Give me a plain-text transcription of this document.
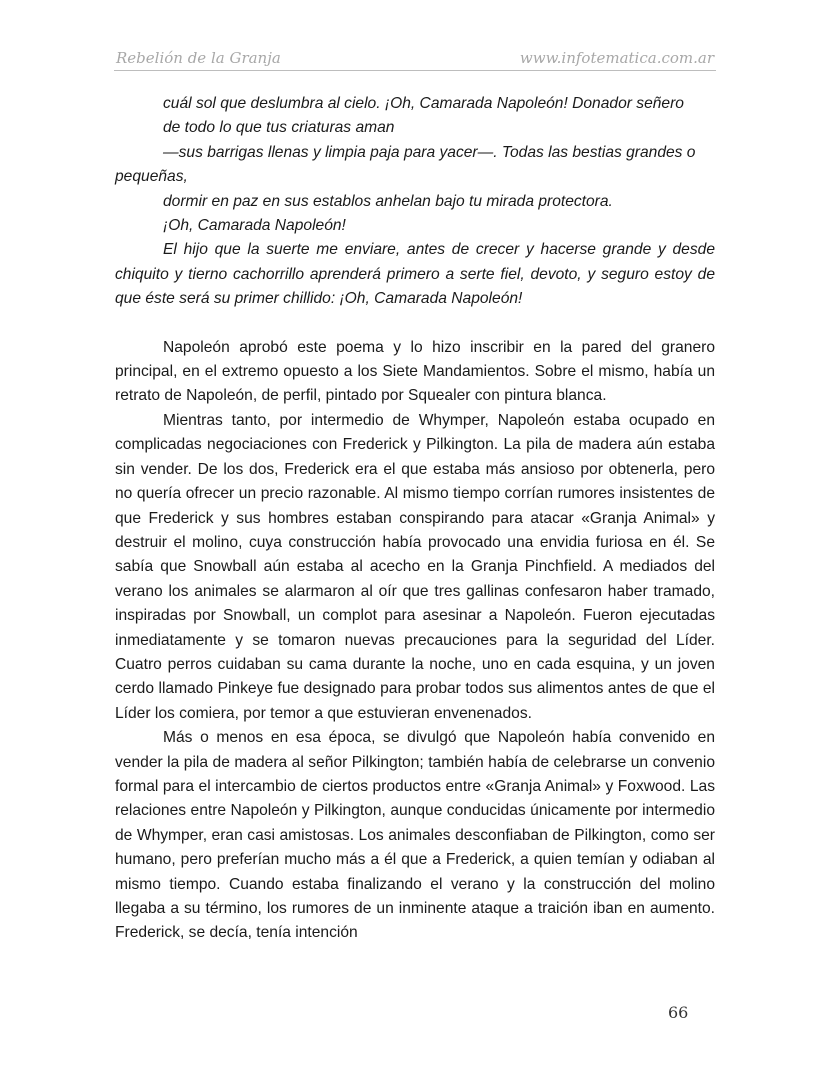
Rebelión de la Granja	www.infotematica.com.ar

cuál sol que deslumbra al cielo. ¡Oh, Camarada Napoleón! Donador señero

de todo lo que tus criaturas aman

—sus barrigas llenas y limpia paja para yacer—. Todas las bestias grandes o pequeñas,

dormir en paz en sus establos anhelan bajo tu mirada protectora.

¡Oh, Camarada Napoleón!

El hijo que la suerte me enviare, antes de crecer y hacerse grande y desde chiquito y tierno cachorrillo aprenderá primero a serte fiel, devoto, y seguro estoy de que éste será su primer chillido: ¡Oh, Camarada Napoleón!

Napoleón aprobó este poema y lo hizo inscribir en la pared del granero principal, en el extremo opuesto a los Siete Mandamientos. Sobre el mismo, había un retrato de Napoleón, de perfil, pintado por Squealer con pintura blanca.

Mientras tanto, por intermedio de Whymper, Napoleón estaba ocupado en complicadas negociaciones con Frederick y Pilkington. La pila de madera aún estaba sin vender. De los dos, Frederick era el que estaba más ansioso por obtenerla, pero no quería ofrecer un precio razonable. Al mismo tiempo corrían rumores insistentes de que Frederick y sus hombres estaban conspirando para atacar «Granja Animal» y destruir el molino, cuya construcción había provocado una envidia furiosa en él. Se sabía que Snowball aún estaba al acecho en la Granja Pinchfield. A mediados del verano los animales se alarmaron al oír que tres gallinas confesaron haber tramado, inspiradas por Snowball, un complot para asesinar a Napoleón. Fueron ejecutadas inmediatamente y se tomaron nuevas precauciones para la seguridad del Líder. Cuatro perros cuidaban su cama durante la noche, uno en cada esquina, y un joven cerdo llamado Pinkeye fue designado para probar todos sus alimentos antes de que el Líder los comiera, por temor a que estuvieran envenenados.

Más o menos en esa época, se divulgó que Napoleón había convenido en vender la pila de madera al señor Pilkington; también había de celebrarse un convenio formal para el intercambio de ciertos productos entre «Granja Animal» y Foxwood. Las relaciones entre Napoleón y Pilkington, aunque conducidas únicamente por intermedio de Whymper, eran casi amistosas. Los animales desconfiaban de Pilkington, como ser humano, pero preferían mucho más a él que a Frederick, a quien temían y odiaban al mismo tiempo. Cuando estaba finalizando el verano y la construcción del molino llegaba a su término, los rumores de un inminente ataque a traición iban en aumento. Frederick, se decía, tenía intención

66
